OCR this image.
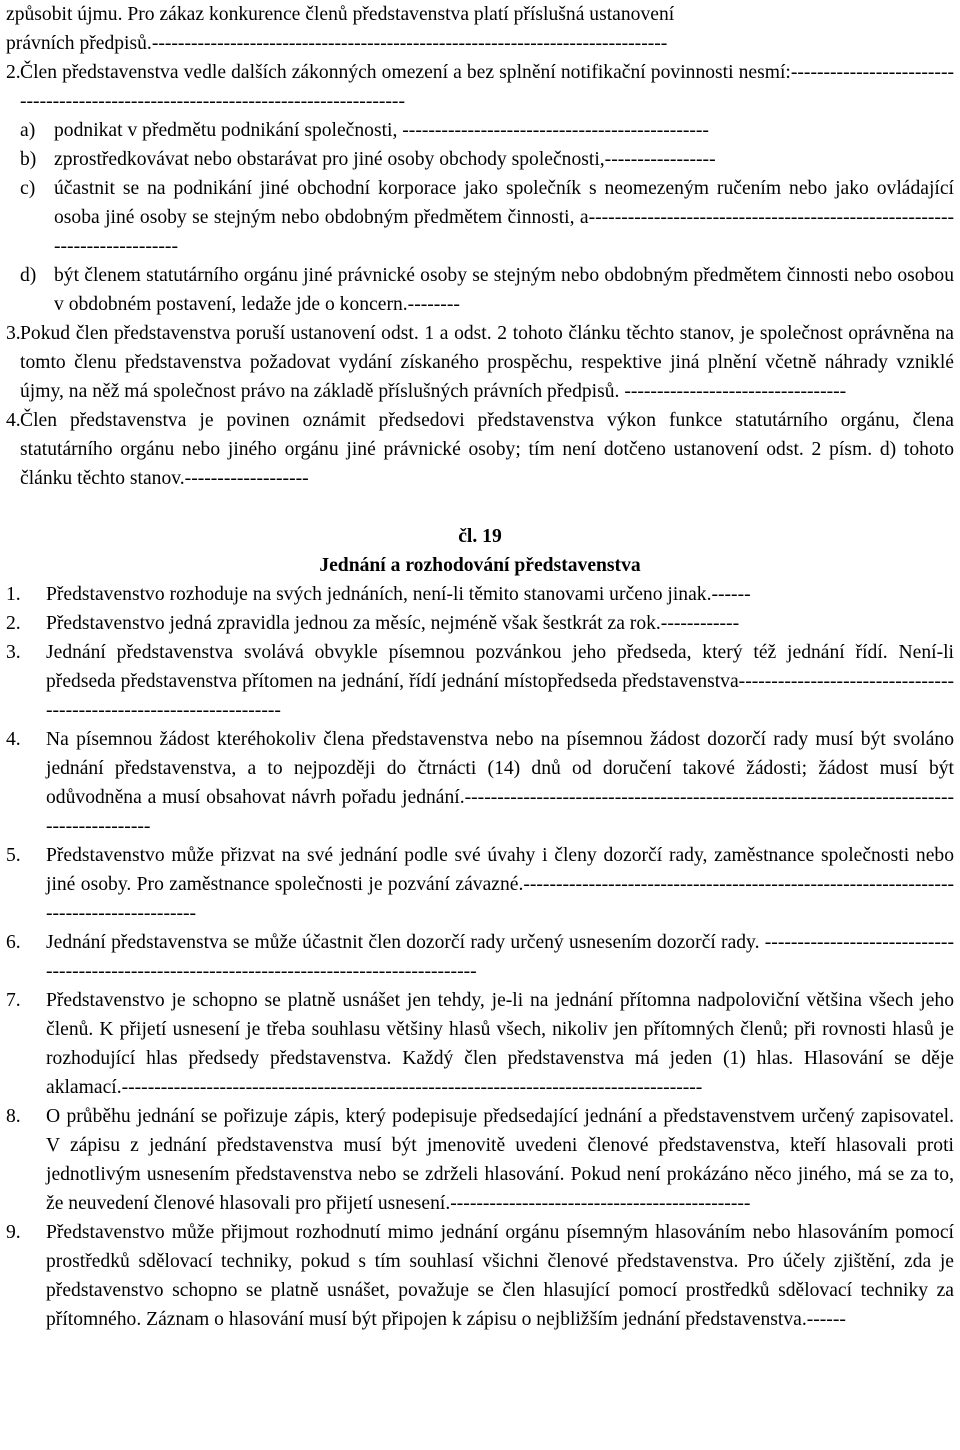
způsobit újmu. Pro zákaz konkurence členů představenstva platí příslušná ustanovení

právních předpisů.-------------------------------------------------------------------------------

2. Člen představenstva vedle dalších zákonných omezení a bez splnění notifikační povinnosti nesmí:------------------------------------------------------------------------------------
a) podnikat v předmětu podnikání společnosti, -----------------------------------------------
b) zprostředkovávat nebo obstarávat pro jiné osoby obchody společnosti,-----------------
c) účastnit se na podnikání jiné obchodní korporace jako společník s neomezeným ručením nebo jako ovládající osoba jiné osoby se stejným nebo obdobným předmětem činnosti, a---------------------------------------------------------------------------
d) být členem statutárního orgánu jiné právnické osoby se stejným nebo obdobným předmětem činnosti nebo osobou v obdobném postavení, ledaže jde o koncern.--------
3. Pokud člen představenstva poruší ustanovení odst. 1 a odst. 2 tohoto článku těchto stanov, je společnost oprávněna na tomto členu představenstva požadovat vydání získaného prospěchu, respektive jiná plnění včetně náhrady vzniklé újmy, na něž má společnost právo na základě příslušných právních předpisů. ----------------------------------
4. Člen představenstva je povinen oznámit předsedovi představenstva výkon funkce statutárního orgánu, člena statutárního orgánu nebo jiného orgánu jiné právnické osoby; tím není dotčeno ustanovení odst. 2 písm. d) tohoto článku těchto stanov.-------------------

čl. 19

Jednání a rozhodování představenstva

1.	Představenstvo rozhoduje na svých jednáních, není-li těmito stanovami určeno jinak.------
2.	Představenstvo jedná zpravidla jednou za měsíc, nejméně však šestkrát za rok.------------
3.	Jednání představenstva svolává obvykle písemnou pozvánkou jeho předseda, který též jednání řídí. Není-li předseda představenstva přítomen na jednání, řídí jednání místopředseda představenstva---------------------------------------------------------------------
4.	Na písemnou žádost kteréhokoliv člena představenstva nebo na písemnou žádost dozorčí rady musí být svoláno jednání představenstva, a to nejpozději do čtrnácti (14) dnů od doručení takové žádosti; žádost musí být odůvodněna a musí obsahovat návrh pořadu jednání.-------------------------------------------------------------------------------------------
5.	Představenstvo může přizvat na své jednání podle své úvahy i členy dozorčí rady, zaměstnance společnosti nebo jiné osoby. Pro zaměstnance společnosti je pozvání závazné.-----------------------------------------------------------------------------------------
6.	Jednání představenstva se může účastnit člen dozorčí rady určený usnesením dozorčí rady. -----------------------------------------------------------------------------------------------
7.	Představenstvo je schopno se platně usnášet jen tehdy, je-li na jednání přítomna nadpoloviční většina všech jeho členů. K přijetí usnesení je třeba souhlasu většiny hlasů všech, nikoliv jen přítomných členů; při rovnosti hlasů je rozhodující hlas předsedy představenstva. Každý člen představenstva má jeden (1) hlas. Hlasování se děje aklamací.-----------------------------------------------------------------------------------------
8.	O průběhu jednání se pořizuje zápis, který podepisuje předsedající jednání a představenstvem určený zapisovatel. V zápisu z jednání představenstva musí být jmenovitě uvedeni členové představenstva, kteří hlasovali proti jednotlivým usnesením představenstva nebo se zdrželi hlasování. Pokud není prokázáno něco jiného, má se za to, že neuvedení členové hlasovali pro přijetí usnesení.----------------------------------------------
9.	Představenstvo může přijmout rozhodnutí mimo jednání orgánu písemným hlasováním nebo hlasováním pomocí prostředků sdělovací techniky, pokud s tím souhlasí všichni členové představenstva. Pro účely zjištění, zda je představenstvo schopno se platně usnášet, považuje se člen hlasující pomocí prostředků sdělovací techniky za přítomného. Záznam o hlasování musí být připojen k zápisu o nejbližším jednání představenstva.------
